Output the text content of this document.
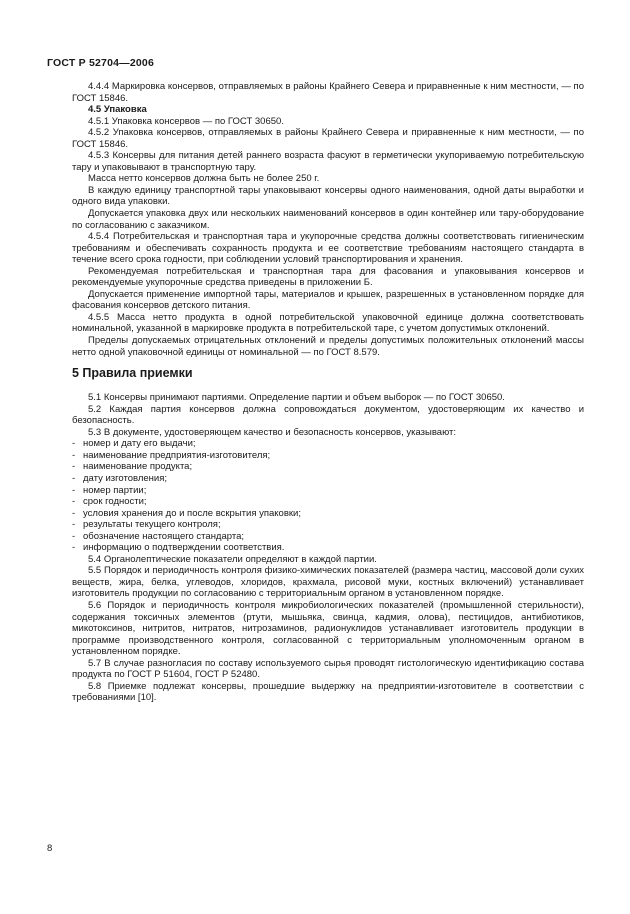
ГОСТ Р 52704—2006

4.4.4 Маркировка консервов, отправляемых в районы Крайнего Севера и приравненные к ним местности, — по ГОСТ 15846.

4.5 Упаковка

4.5.1 Упаковка консервов — по ГОСТ 30650.

4.5.2 Упаковка консервов, отправляемых в районы Крайнего Севера и приравненные к ним местности, — по ГОСТ 15846.

4.5.3 Консервы для питания детей раннего возраста фасуют в герметически укупориваемую потребительскую тару и упаковывают в транспортную тару.

Масса нетто консервов должна быть не более 250 г.

В каждую единицу транспортной тары упаковывают консервы одного наименования, одной даты выработки и одного вида упаковки.

Допускается упаковка двух или нескольких наименований консервов в один контейнер или тару-оборудование по согласованию с заказчиком.

4.5.4 Потребительская и транспортная тара и укупорочные средства должны соответствовать гигиеническим требованиям и обеспечивать сохранность продукта и ее соответствие требованиям настоящего стандарта в течение всего срока годности, при соблюдении условий транспортирования и хранения.

Рекомендуемая потребительская и транспортная тара для фасования и упаковывания консервов и рекомендуемые укупорочные средства приведены в приложении Б.

Допускается применение импортной тары, материалов и крышек, разрешенных в установленном порядке для фасования консервов детского питания.

4.5.5 Масса нетто продукта в одной потребительской упаковочной единице должна соответствовать номинальной, указанной в маркировке продукта в потребительской таре, с учетом допустимых отклонений.

Пределы допускаемых отрицательных отклонений и пределы допустимых положительных отклонений массы нетто одной упаковочной единицы от номинальной — по ГОСТ 8.579.

5 Правила приемки

5.1 Консервы принимают партиями. Определение партии и объем выборок — по ГОСТ 30650.

5.2 Каждая партия консервов должна сопровождаться документом, удостоверяющим их качество и безопасность.

5.3 В документе, удостоверяющем качество и безопасность консервов, указывают:

- номер и дату его выдачи;
- наименование предприятия-изготовителя;
- наименование продукта;
- дату изготовления;
- номер партии;
- срок годности;
- условия хранения до и после вскрытия упаковки;
- результаты текущего контроля;
- обозначение настоящего стандарта;
- информацию о подтверждении соответствия.

5.4 Органолептические показатели определяют в каждой партии.

5.5 Порядок и периодичность контроля физико-химических показателей (размера частиц, массовой доли сухих веществ, жира, белка, углеводов, хлоридов, крахмала, рисовой муки, костных включений) устанавливает изготовитель продукции по согласованию с территориальным органом в установленном порядке.

5.6 Порядок и периодичность контроля микробиологических показателей (промышленной стерильности), содержания токсичных элементов (ртути, мышьяка, свинца, кадмия, олова), пестицидов, антибиотиков, микотоксинов, нитритов, нитратов, нитрозаминов, радионуклидов устанавливает изготовитель продукции в программе производственного контроля, согласованной с территориальным уполномоченным органом в установленном порядке.

5.7 В случае разногласия по составу используемого сырья проводят гистологическую идентификацию состава продукта по ГОСТ Р 51604, ГОСТ Р 52480.

5.8 Приемке подлежат консервы, прошедшие выдержку на предприятии-изготовителе в соответствии с требованиями [10].

8
